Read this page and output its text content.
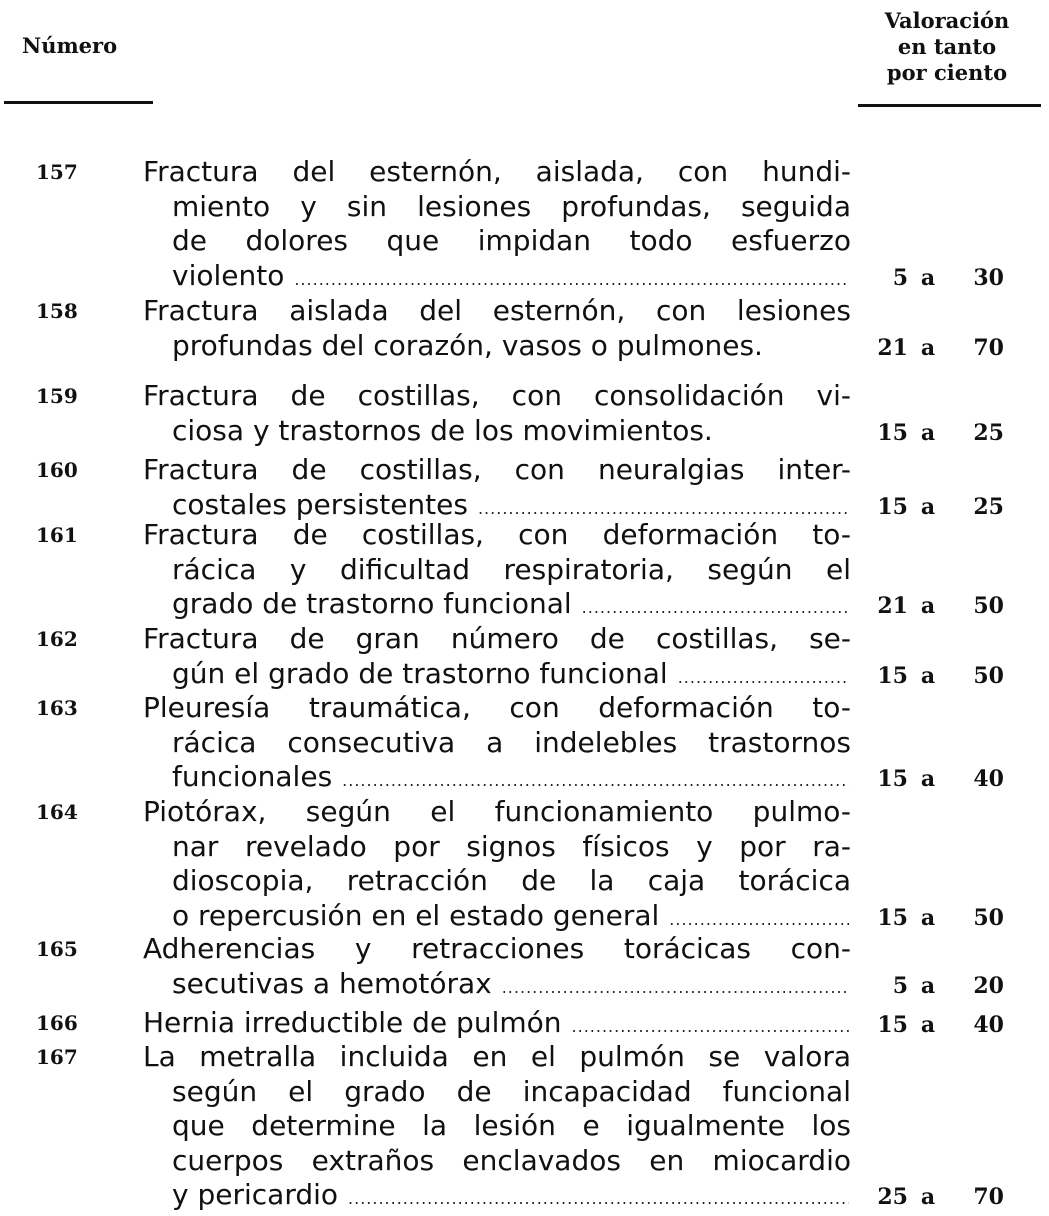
Número
Valoración
en tanto
por ciento
157 Fractura del esternón, aislada, con hundi-
miento y sin lesiones profundas, seguida
de dolores que impidan todo esfuerzo
violento .....	5 a	30
158 Fractura aislada del esternón, con lesiones
profundas del corazón, vasos o pulmones.	21 a	70
159 Fractura de costillas, con consolidación vi-
ciosa y trastornos de los movimientos.	15 a	25
160 Fractura de costillas, con neuralgias inter-
costales persistentes .....	15 a	25
161 Fractura de costillas, con deformación to-
rácica y dificultad respiratoria, según el
grado de trastorno funcional .....	21 a	50
162 Fractura de gran número de costillas, se-
gún el grado de trastorno funcional .....	15 a	50
163 Pleuresía traumática, con deformación to-
rácica consecutiva a indelebles trastornos
funcionales .....	15 a	40
164 Piotórax, según el funcionamiento pulmo-
nar revelado por signos físicos y por ra-
dioscopia, retracción de la caja torácica
o repercusión en el estado general .....	15 a	50
165 Adherencias y retracciones torácicas con-
secutivas a hemotórax .....	5 a	20
166 Hernia irreductible de pulmón .....	15 a	40
167 La metralla incluida en el pulmón se valora
según el grado de incapacidad funcional
que determine la lesión e igualmente los
cuerpos extraños enclavados en miocardio
y pericardio .....	25 a	70
